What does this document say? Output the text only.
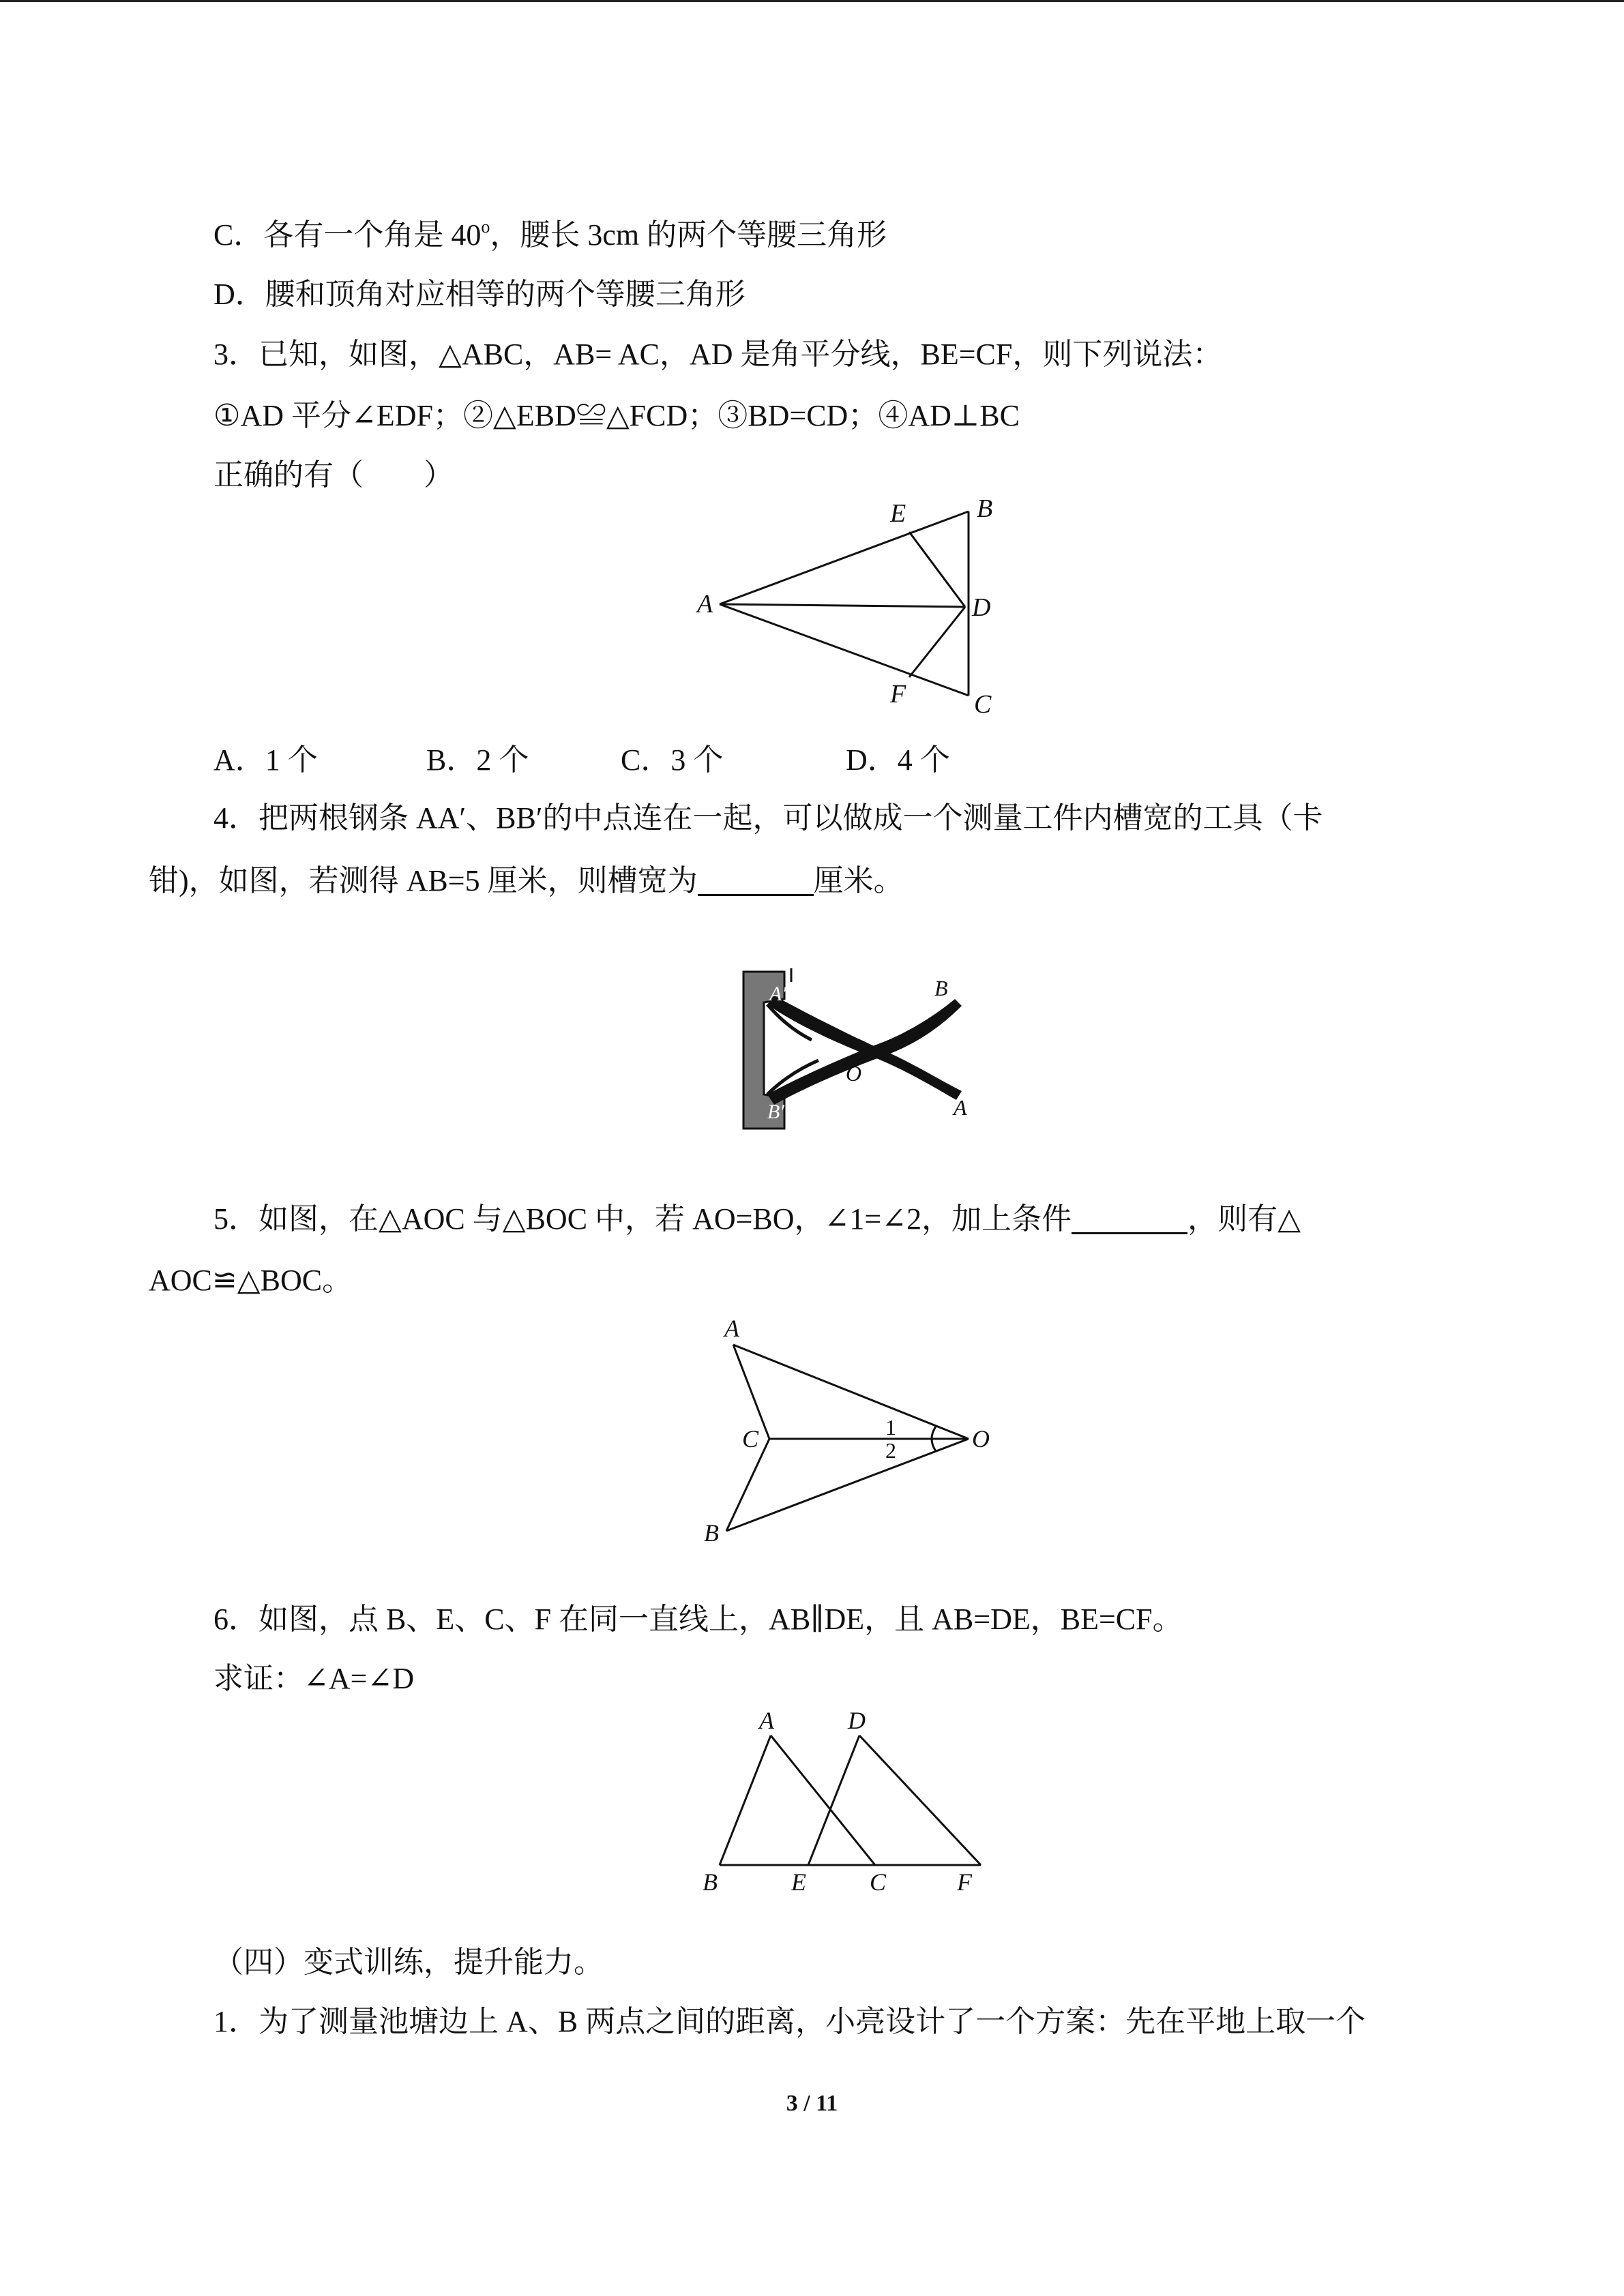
C．各有一个角是 40$^o$，腰长 3cm 的两个等腰三角形
D．腰和顶角对应相等的两个等腰三角形
3．已知，如图，△ABC，AB= AC，AD 是角平分线，BE=CF，则下列说法：
①AD 平分∠EDF；②△EBD≌△FCD；③BD=CD；④AD⊥BC
正确的有（　　）
A
B
C
D
E
F
A．1 个	B．2 个	C．3 个	D．4 个
4．把两根钢条 AA′、BB′的中点连在一起，可以做成一个测量工件内槽宽的工具（卡
钳)，如图，若测得 AB=5 厘米，则槽宽为	厘米。
A′
B′
B
A
O
5．如图，在△AOC 与△BOC 中，若 AO=BO，∠1=∠2，加上条件	，则有△
AOC≌△BOC。
A
B
C	O
1
2
6．如图，点 B、E、C、F 在同一直线上，AB∥DE，且 AB=DE，BE=CF。
求证：∠A=∠D
A	D
B	E	C	F
（四）变式训练，提升能力。
1．为了测量池塘边上 A、B 两点之间的距离，小亮设计了一个方案：先在平地上取一个
3 / 11
